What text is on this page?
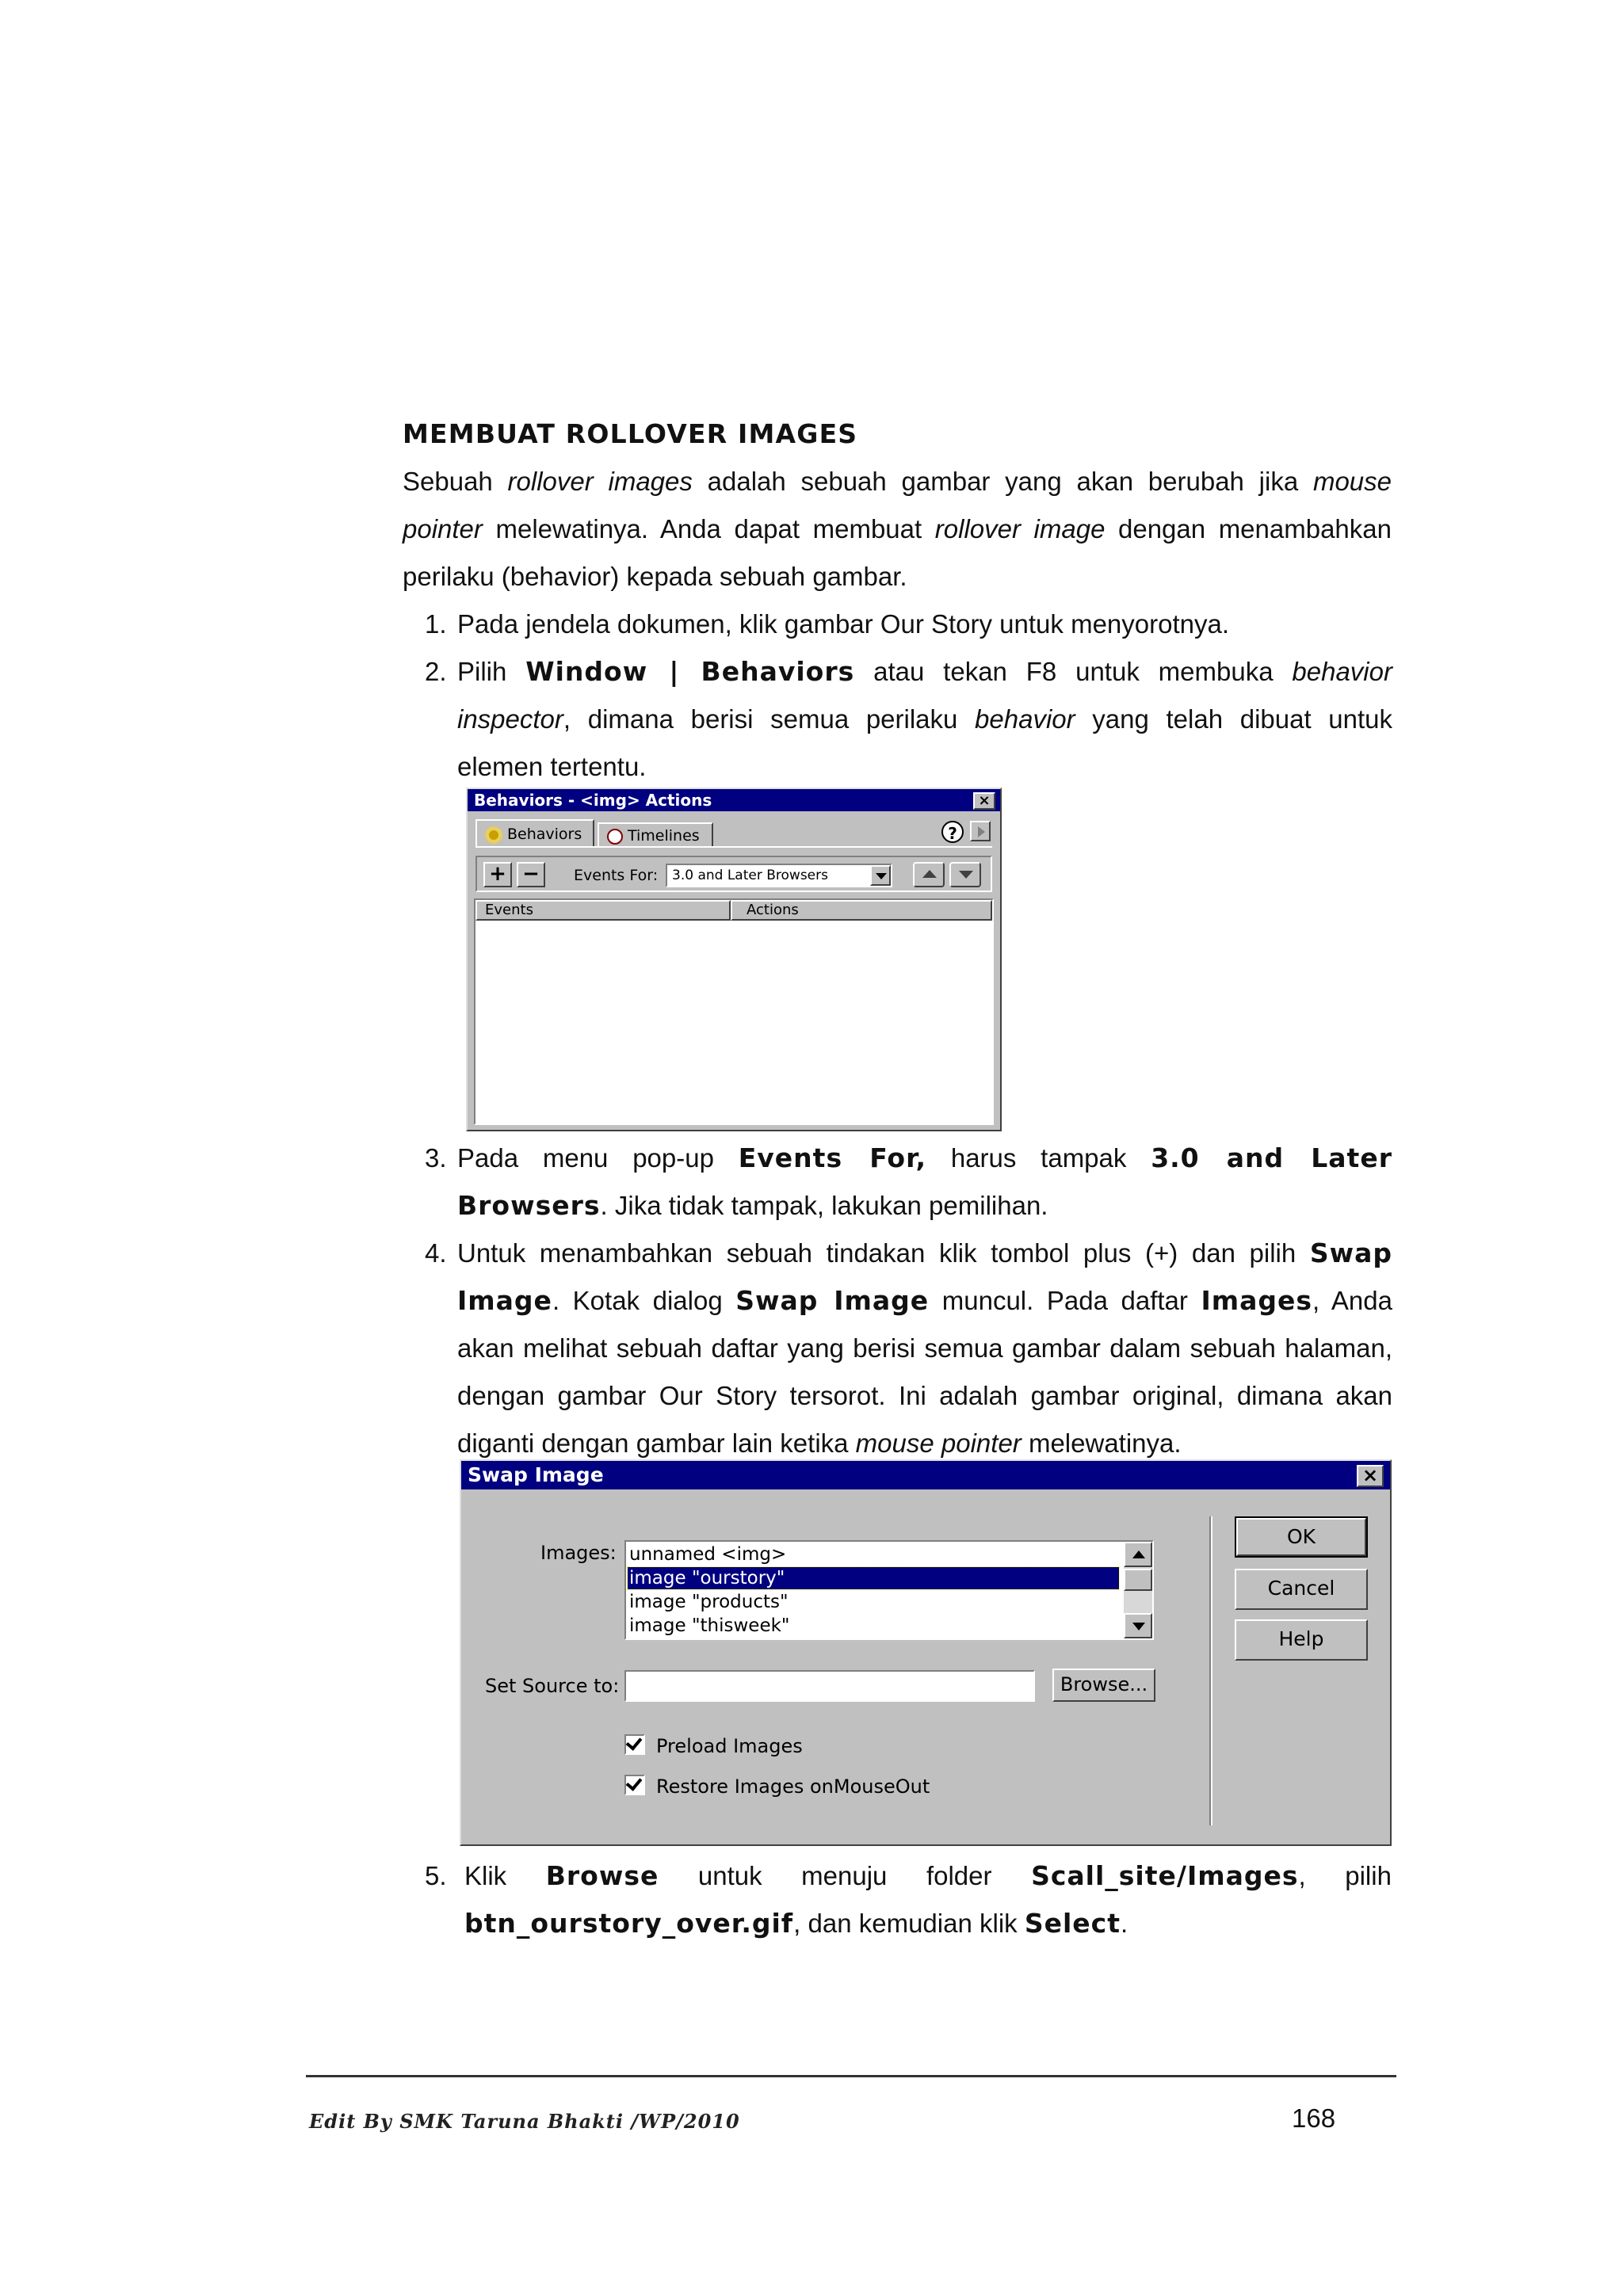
MEMBUAT ROLLOVER IMAGES
Sebuah rollover images adalah sebuah gambar yang akan berubah jika mouse pointer melewatinya. Anda dapat membuat rollover image dengan menambahkan perilaku (behavior) kepada sebuah gambar.
1. Pada jendela dokumen, klik gambar Our Story untuk menyorotnya.
2. Pilih Window | Behaviors atau tekan F8 untuk membuka behavior inspector, dimana berisi semua perilaku behavior yang telah dibuat untuk elemen tertentu.
Behaviors - <img> Actions	×
Behaviors	Timelines	?
+ −	Events For: 3.0 and Later Browsers
Events	Actions
3. Pada menu pop-up Events For, harus tampak 3.0 and Later Browsers. Jika tidak tampak, lakukan pemilihan.
4. Untuk menambahkan sebuah tindakan klik tombol plus (+) dan pilih Swap Image. Kotak dialog Swap Image muncul. Pada daftar Images, Anda akan melihat sebuah daftar yang berisi semua gambar dalam sebuah halaman, dengan gambar Our Story tersorot. Ini adalah gambar original, dimana akan diganti dengan gambar lain ketika mouse pointer melewatinya.
Swap Image	×
Images: unnamed <img>
image "ourstory"
image "products"
image "thisweek"
Set Source to:	Browse...
Preload Images
Restore Images onMouseOut
OK
Cancel
Help
5. Klik Browse untuk menuju folder Scall_site/Images, pilih
btn_ourstory_over.gif, dan kemudian klik Select.
Edit By SMK Taruna Bhakti /WP/2010	168
